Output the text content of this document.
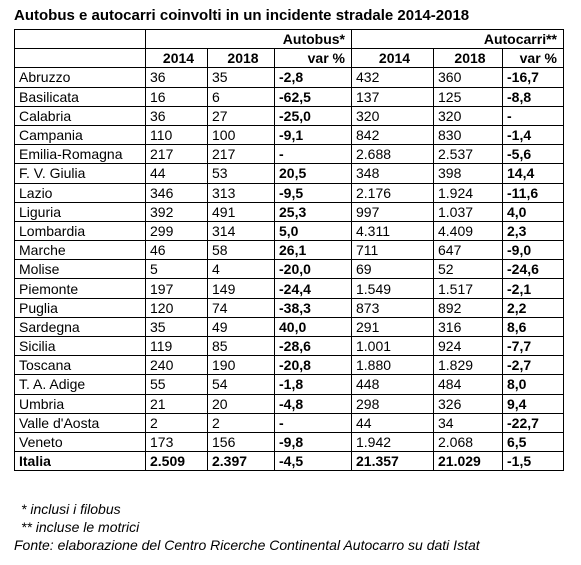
Autobus e autocarri coinvolti in un incidente stradale 2014-2018
	Autobus*			Autocarri**		
	2014	2018	var %	2014	2018	var %
Abruzzo	36	35	-2,8	432	360	-16,7
Basilicata	16	6	-62,5	137	125	-8,8
Calabria	36	27	-25,0	320	320	-
Campania	110	100	-9,1	842	830	-1,4
Emilia-Romagna	217	217	-	2.688	2.537	-5,6
F. V. Giulia	44	53	20,5	348	398	14,4
Lazio	346	313	-9,5	2.176	1.924	-11,6
Liguria	392	491	25,3	997	1.037	4,0
Lombardia	299	314	5,0	4.311	4.409	2,3
Marche	46	58	26,1	711	647	-9,0
Molise	5	4	-20,0	69	52	-24,6
Piemonte	197	149	-24,4	1.549	1.517	-2,1
Puglia	120	74	-38,3	873	892	2,2
Sardegna	35	49	40,0	291	316	8,6
Sicilia	119	85	-28,6	1.001	924	-7,7
Toscana	240	190	-20,8	1.880	1.829	-2,7
T. A. Adige	55	54	-1,8	448	484	8,0
Umbria	21	20	-4,8	298	326	9,4
Valle d'Aosta	2	2	-	44	34	-22,7
Veneto	173	156	-9,8	1.942	2.068	6,5
Italia	2.509	2.397	-4,5	21.357	21.029	-1,5
* inclusi i filobus
** incluse le motrici
Fonte: elaborazione del Centro Ricerche Continental Autocarro su dati Istat
